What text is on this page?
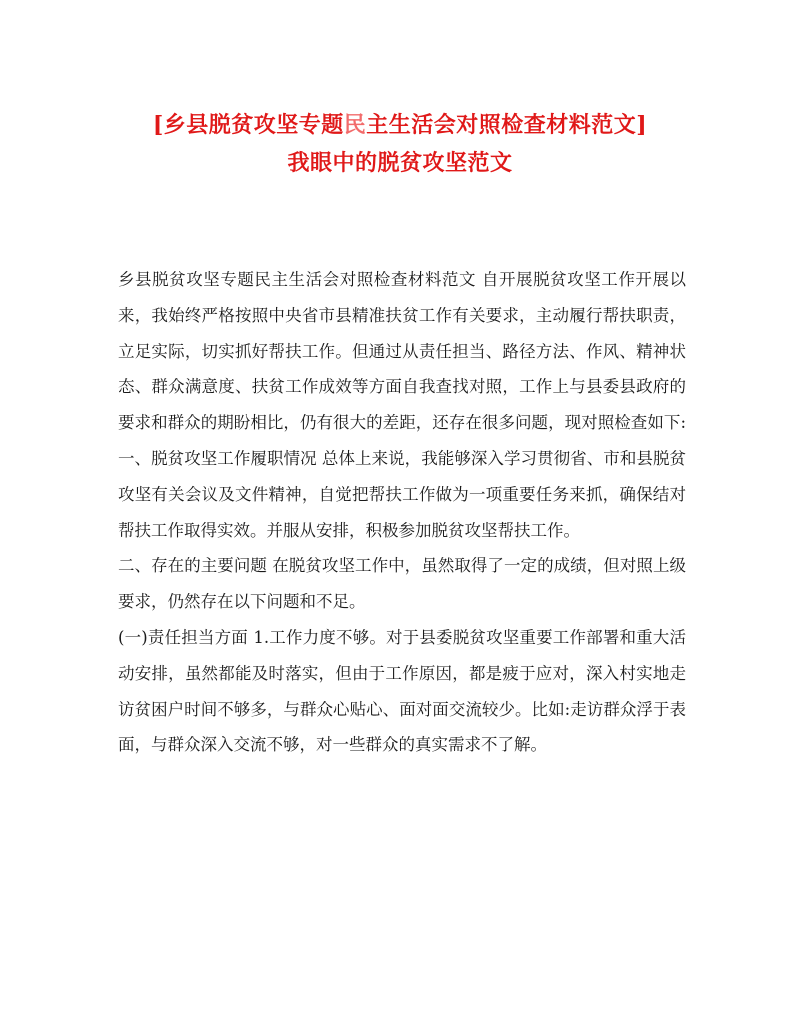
[乡县脱贫攻坚专题民主生活会对照检查材料范文]
我眼中的脱贫攻坚范文

乡县脱贫攻坚专题民主生活会对照检查材料范文 自开展脱贫攻坚工作开展以来，我始终严格按照中央省市县精准扶贫工作有关要求，主动履行帮扶职责，立足实际，切实抓好帮扶工作。但通过从责任担当、路径方法、作风、精神状态、群众满意度、扶贫工作成效等方面自我查找对照，工作上与县委县政府的要求和群众的期盼相比，仍有很大的差距，还存在很多问题，现对照检查如下: 一、脱贫攻坚工作履职情况 总体上来说，我能够深入学习贯彻省、市和县脱贫攻坚有关会议及文件精神，自觉把帮扶工作做为一项重要任务来抓，确保结对帮扶工作取得实效。并服从安排，积极参加脱贫攻坚帮扶工作。

二、存在的主要问题 在脱贫攻坚工作中，虽然取得了一定的成绩，但对照上级要求，仍然存在以下问题和不足。

(一)责任担当方面 1.工作力度不够。对于县委脱贫攻坚重要工作部署和重大活动安排，虽然都能及时落实，但由于工作原因，都是疲于应对，深入村实地走访贫困户时间不够多，与群众心贴心、面对面交流较少。比如:走访群众浮于表面，与群众深入交流不够，对一些群众的真实需求不了解。
